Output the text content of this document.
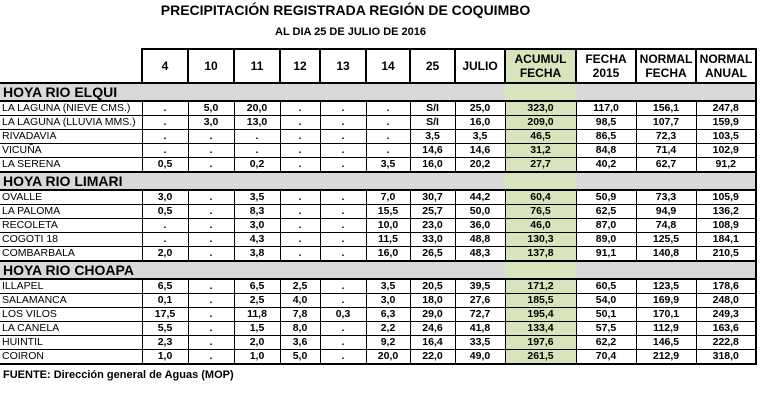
PRECIPITACIÓN REGISTRADA REGIÓN DE COQUIMBO
AL DIA 25 DE JULIO DE 2016
	4	10	11	12	13	14	25	JULIO	ACUMUL FECHA	FECHA 2015	NORMAL FECHA	NORMAL ANUAL
HOYA RIO ELQUI												
LA LAGUNA (NIEVE CMS.)	.	5,0	20,0	.	.	.	S/I	25,0	323,0	117,0	156,1	247,8
LA LAGUNA (LLUVIA MMS.)	.	3,0	13,0	.	.	.	S/I	16,0	209,0	98,5	107,7	159,9
RIVADAVIA	.	.	.	.	.	.	3,5	3,5	46,5	86,5	72,3	103,5
VICUÑA	.	.	.	.	.	.	14,6	14,6	31,2	84,8	71,4	102,9
LA SERENA	0,5	.	0,2	.	.	3,5	16,0	20,2	27,7	40,2	62,7	91,2
HOYA RIO LIMARI												
OVALLE	3,0	.	3,5	.	.	7,0	30,7	44,2	60,4	50,9	73,3	105,9
LA PALOMA	0,5	.	8,3	.	.	15,5	25,7	50,0	76,5	62,5	94,9	136,2
RECOLETA	.	.	3,0	.	.	10,0	23,0	36,0	46,0	87,0	74,8	108,9
COGOTI 18	.	.	4,3	.	.	11,5	33,0	48,8	130,3	89,0	125,5	184,1
COMBARBALA	2,0	.	3,8	.	.	16,0	26,5	48,3	137,8	91,1	140,8	210,5
HOYA RIO CHOAPA												
ILLAPEL	6,5	.	6,5	2,5	.	3,5	20,5	39,5	171,2	60,5	123,5	178,6
SALAMANCA	0,1	.	2,5	4,0	.	3,0	18,0	27,6	185,5	54,0	169,9	248,0
LOS VILOS	17,5	.	11,8	7,8	0,3	6,3	29,0	72,7	195,4	50,1	170,1	249,3
LA CANELA	5,5	.	1,5	8,0	.	2,2	24,6	41,8	133,4	57,5	112,9	163,6
HUINTIL	2,3	.	2,0	3,6	.	9,2	16,4	33,5	197,6	62,2	146,5	222,8
COIRON	1,0	.	1,0	5,0	.	20,0	22,0	49,0	261,5	70,4	212,9	318,0
FUENTE: Dirección general de Aguas (MOP)
